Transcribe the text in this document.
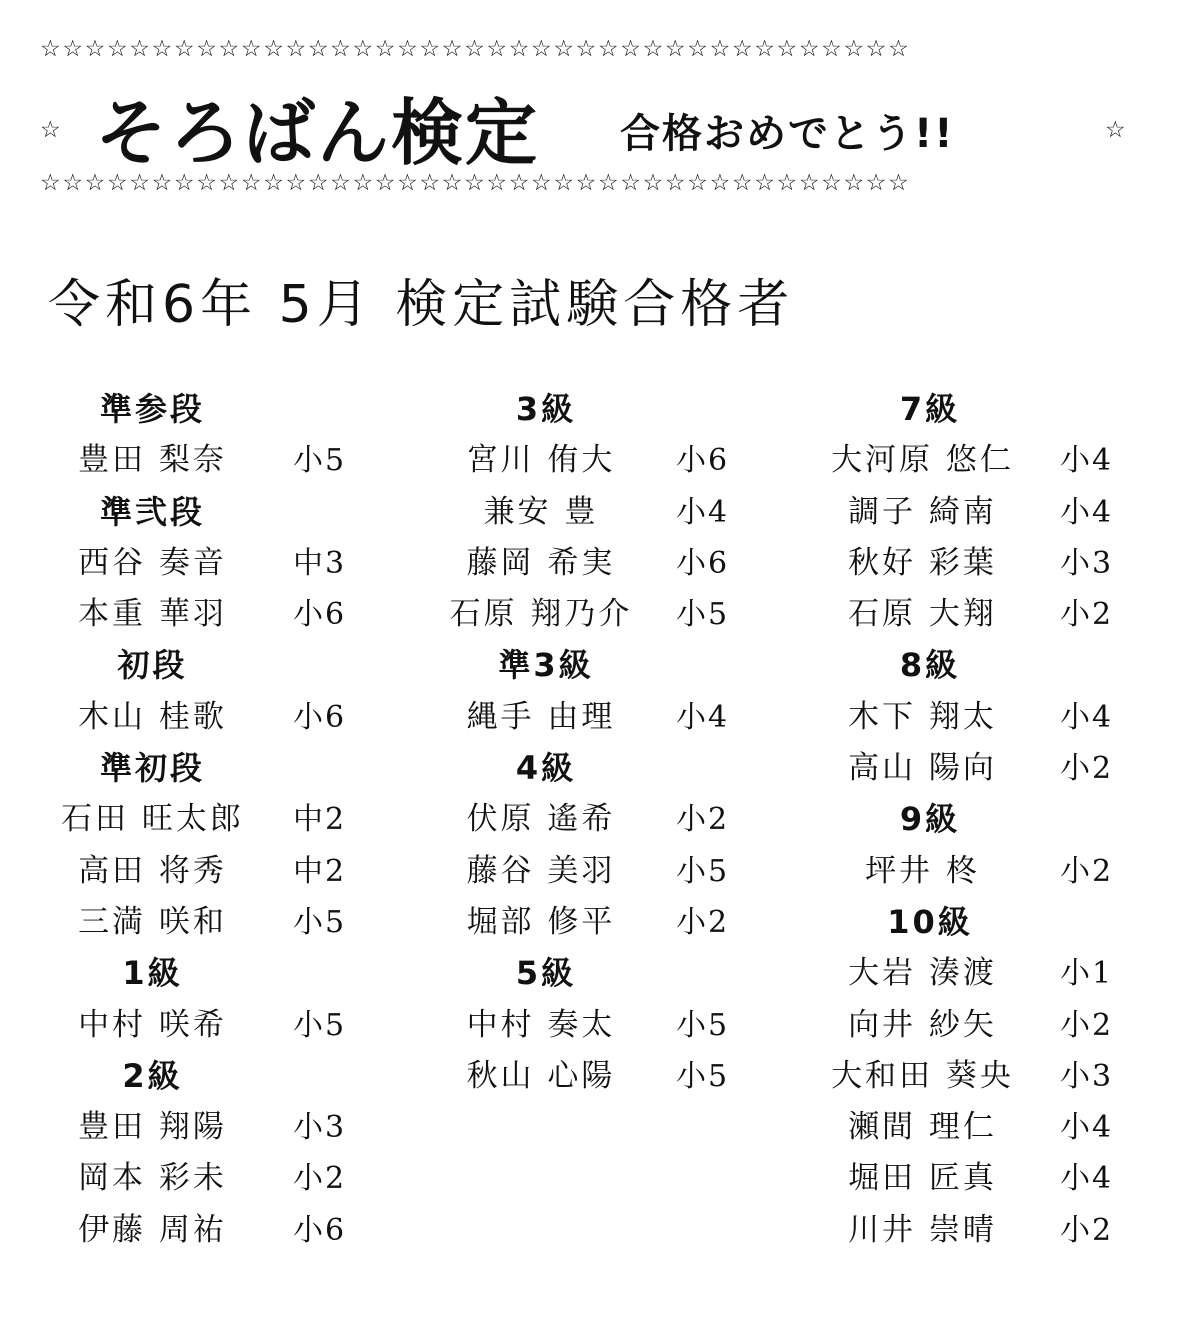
☆☆☆☆☆☆☆☆☆☆☆☆☆☆☆☆☆☆☆☆☆☆☆☆☆☆☆☆☆☆☆☆☆☆☆☆☆☆☆
☆ そろばん検定 合格おめでとう!!	☆
☆☆☆☆☆☆☆☆☆☆☆☆☆☆☆☆☆☆☆☆☆☆☆☆☆☆☆☆☆☆☆☆☆☆☆☆☆☆☆
令和6年 5月 検定試験合格者
準参段
豊田 梨奈	小5
準弐段
西谷 奏音	中3
本重 華羽	小6
初段
木山 桂歌	小6
準初段
石田 旺太郎	中2
高田 将秀	中2
三満 咲和	小5
1級
中村 咲希	小5
2級
豊田 翔陽	小3
岡本 彩未	小2
伊藤 周祐	小6
3級
宮川 侑大	小6
兼安 豊	小4
藤岡 希実	小6
石原 翔乃介	小5
準3級
縄手 由理	小4
4級
伏原 遙希	小2
藤谷 美羽	小5
堀部 修平	小2
5級
中村 奏太	小5
秋山 心陽	小5
7級
大河原 悠仁	小4
調子 綺南	小4
秋好 彩葉	小3
石原 大翔	小2
8級
木下 翔太	小4
高山 陽向	小2
9級
坪井 柊	小2
10級
大岩 湊渡	小1
向井 紗矢	小2
大和田 葵央	小3
瀬間 理仁	小4
堀田 匠真	小4
川井 崇晴	小2
